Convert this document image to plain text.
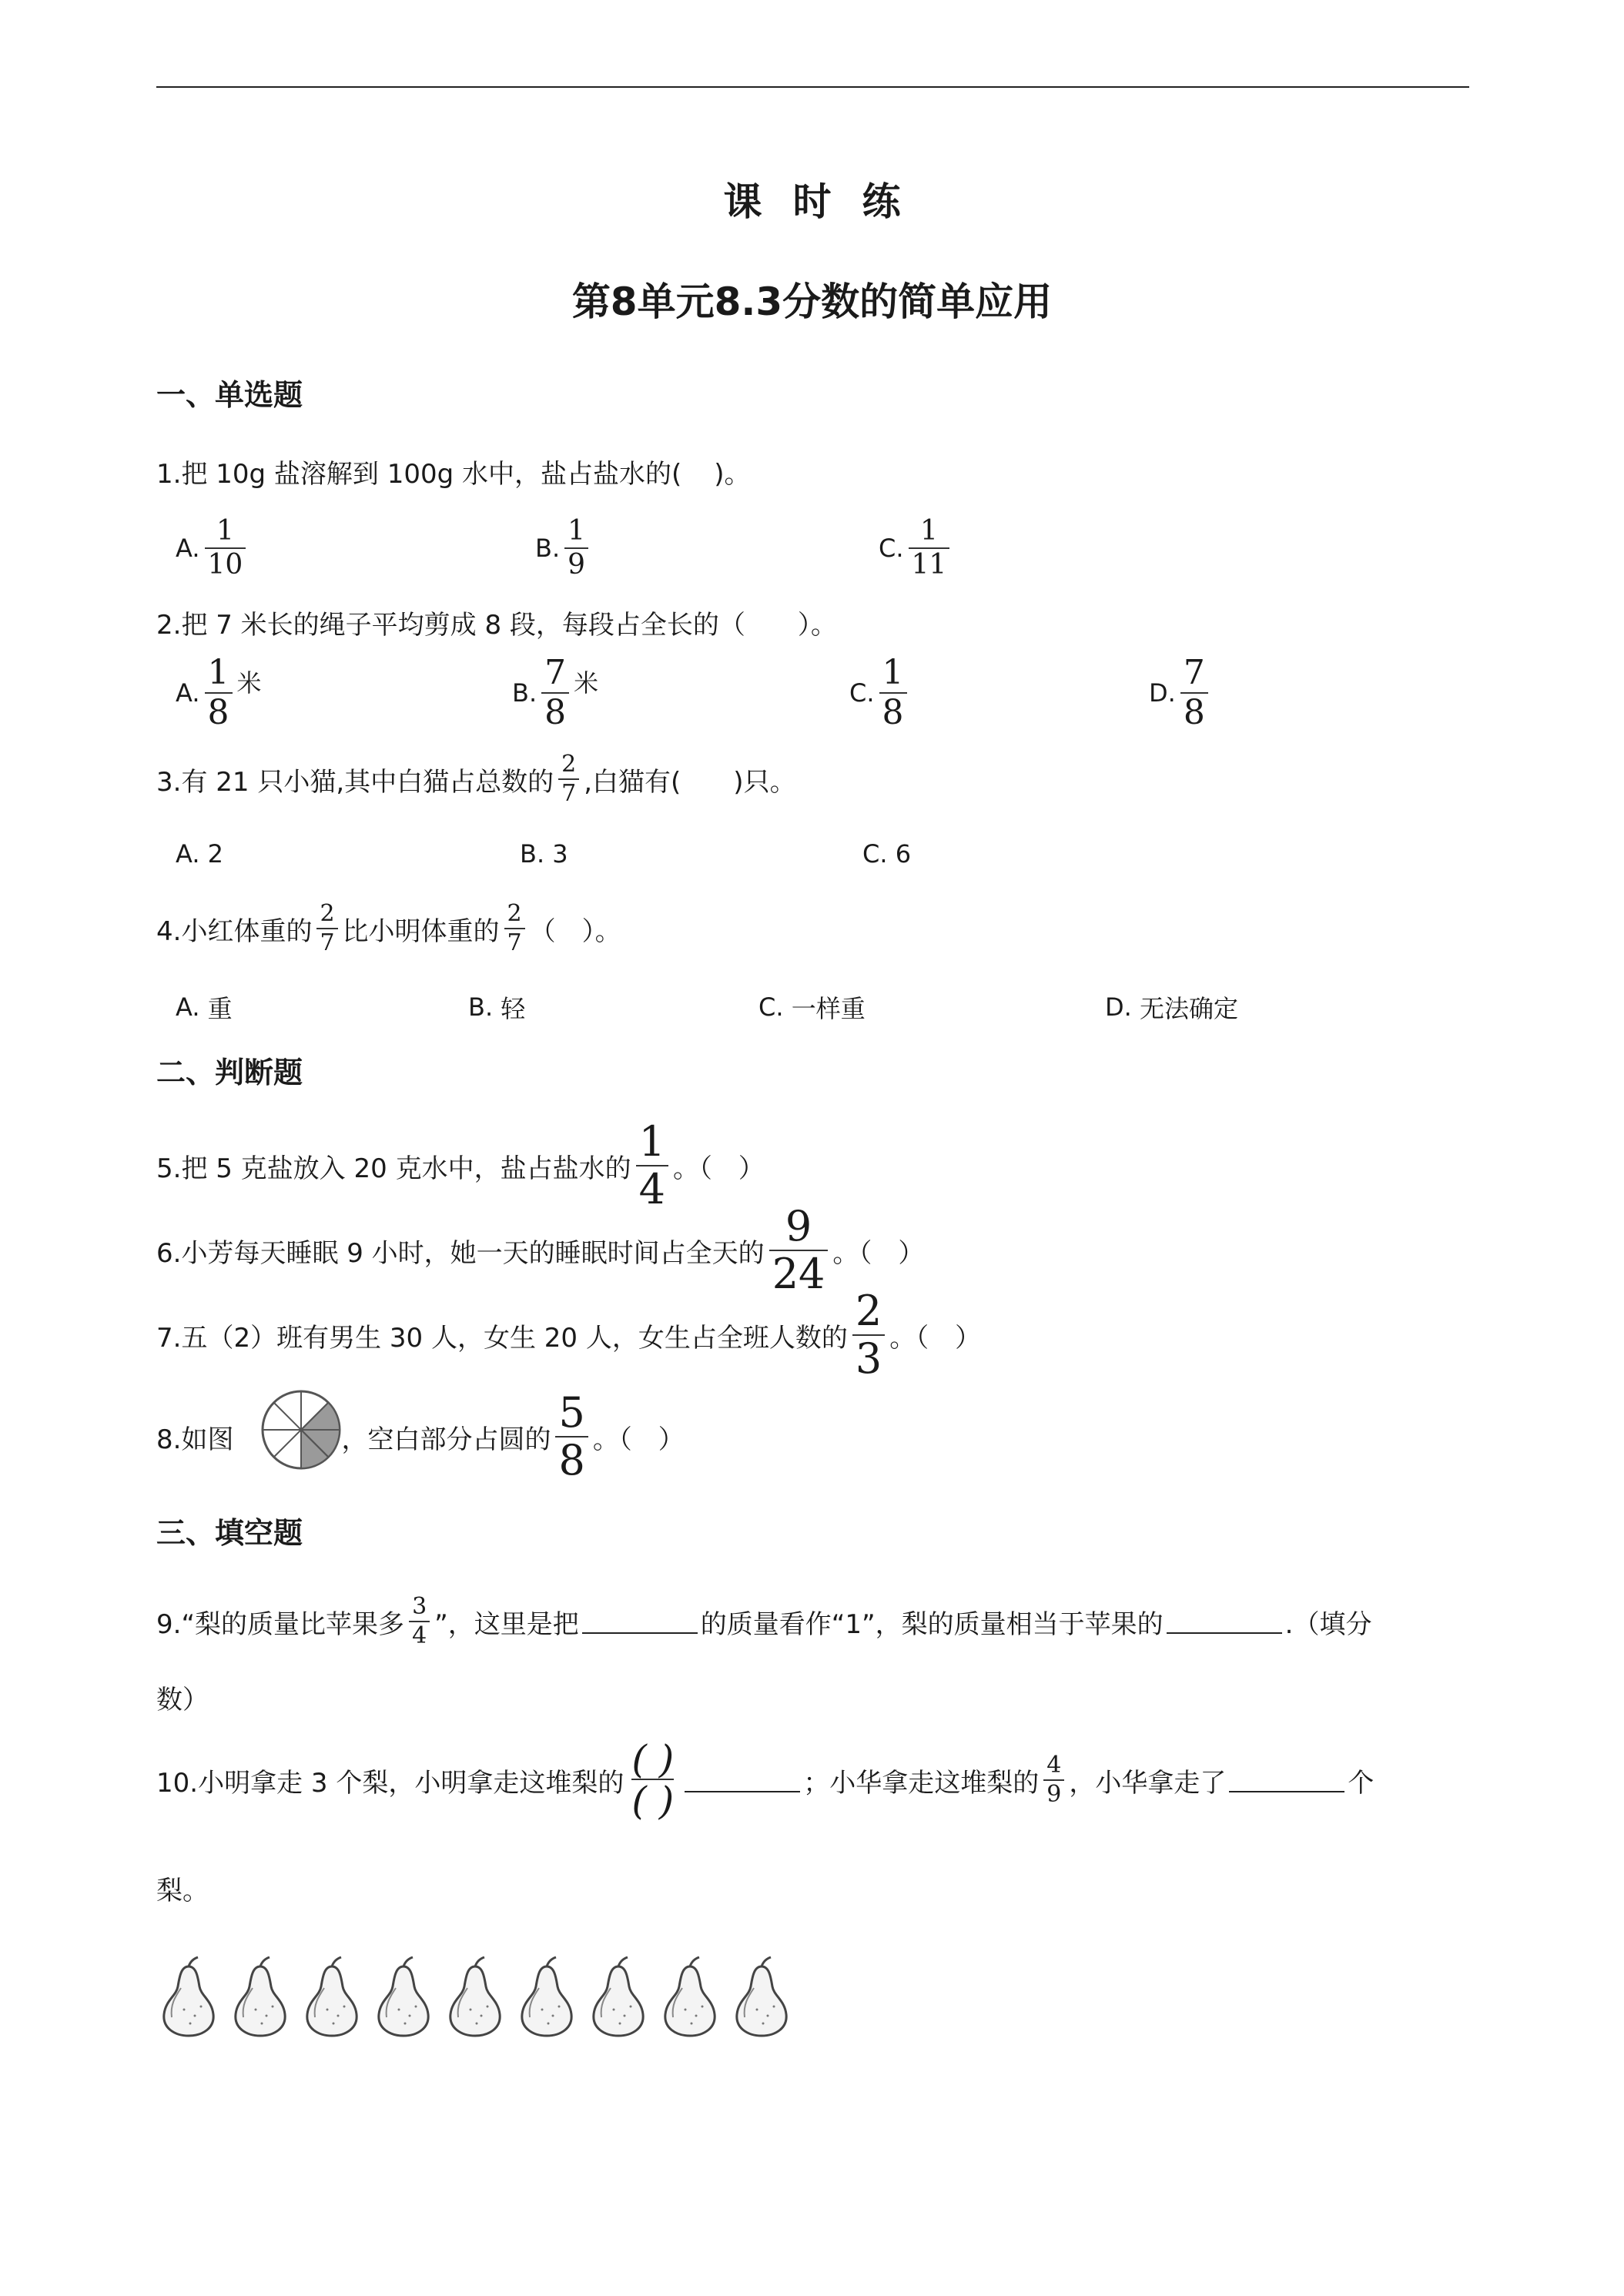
课时练
第8单元8.3分数的简单应用
一、单选题
1.把 10g 盐溶解到 100g 水中，盐占盐水的( )。
A. $\frac{1}{10}$	B. $\frac{1}{9}$	C. $\frac{1}{11}$
2.把 7 米长的绳子平均剪成 8 段，每段占全长的（　　）。
A. $\frac{1}{8}$ 米	B. $\frac{7}{8}$ 米	C. $\frac{1}{8}$	D. $\frac{7}{8}$
3.有 21 只小猫,其中白猫占总数的 $\frac{2}{7}$ ,白猫有(　　)只。
A.
2	B.
3	C.
6
4.小红体重的 $\frac{2}{7}$ 比小明体重的 $\frac{2}{7}$ （　）。
A.
重	B.
轻	C.
一样重	D.
无法确定
二、判断题
5.把 5 克盐放入 20 克水中，盐占盐水的 $\frac{1}{4}$ 。（　）
6.小芳每天睡眠 9 小时，她一天的睡眠时间占全天的 $\frac{9}{24}$ 。（　）
7.五（2）班有男生 30 人，女生 20 人，女生占全班人数的 $\frac{2}{3}$ 。（　）
8.如图	，空白部分占圆的 $\frac{5}{8}$ 。（　）
三、填空题
9.“梨的质量比苹果多 $\frac{3}{4}$ ”，这里是把	的质量看作“1”，梨的质量相当于苹果的	.（填分
数）
10.小明拿走 3 个梨，小明拿走这堆梨的 $\frac{( )}{( )}$	；小华拿走这堆梨的 $\frac{4}{9}$ ，小华拿走了	个
梨。
